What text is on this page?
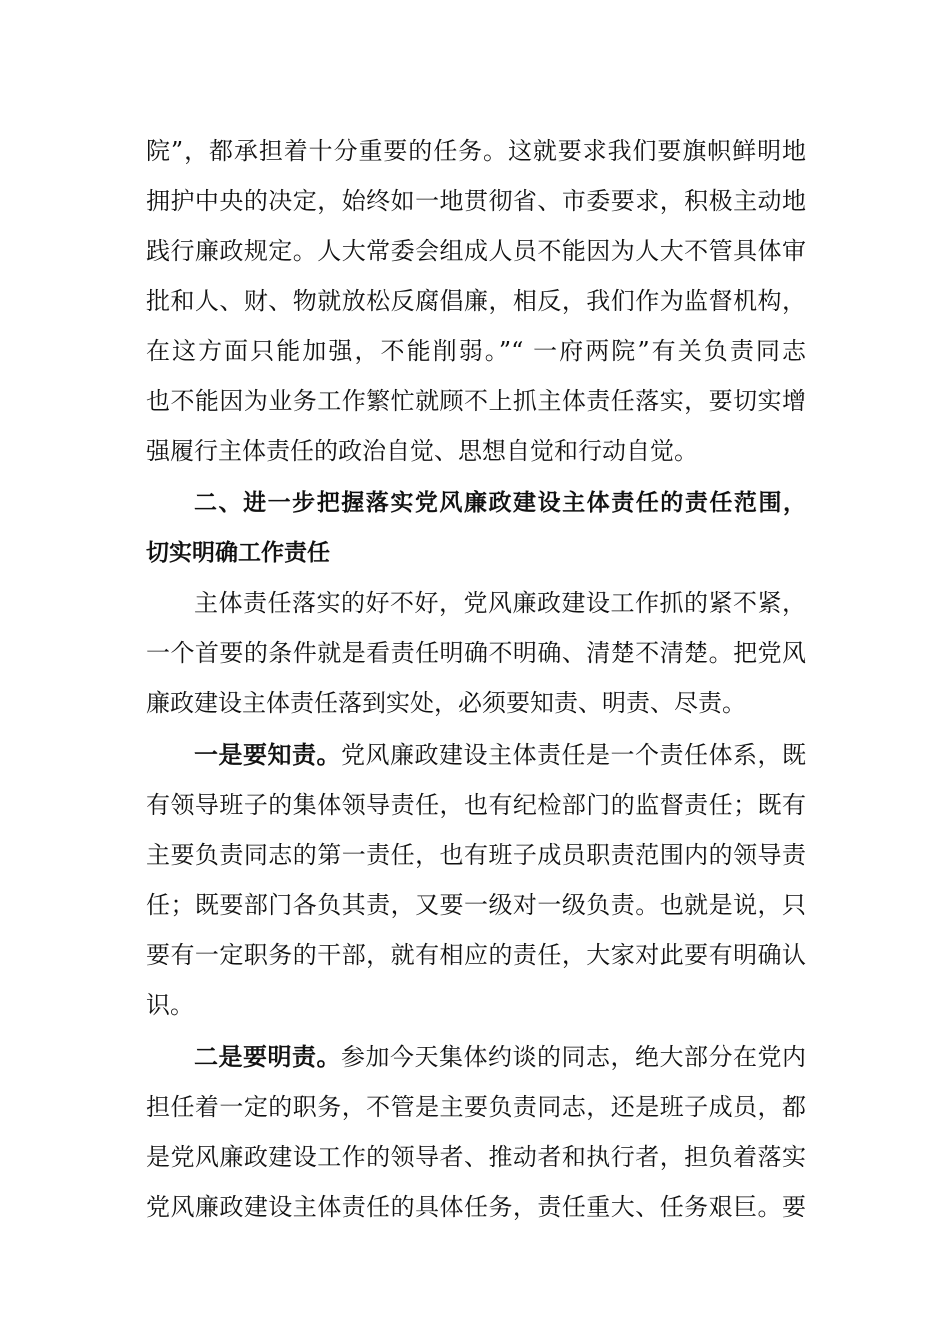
院”，都承担着十分重要的任务。这就要求我们要旗帜鲜明地
拥护中央的决定，始终如一地贯彻省、市委要求，积极主动地
践行廉政规定。人大常委会组成人员不能因为人大不管具体审
批和人、财、物就放松反腐倡廉，相反，我们作为监督机构，
在这方面只能加强，不能削弱。”“ 一府两院”有关负责同志
也不能因为业务工作繁忙就顾不上抓主体责任落实，要切实增
强履行主体责任的政治自觉、思想自觉和行动自觉。
二、进一步把握落实党风廉政建设主体责任的责任范围，
切实明确工作责任
主体责任落实的好不好，党风廉政建设工作抓的紧不紧，
一个首要的条件就是看责任明确不明确、清楚不清楚。把党风
廉政建设主体责任落到实处，必须要知责、明责、尽责。
一是要知责。党风廉政建设主体责任是一个责任体系，既
有领导班子的集体领导责任，也有纪检部门的监督责任；既有
主要负责同志的第一责任，也有班子成员职责范围内的领导责
任；既要部门各负其责，又要一级对一级负责。也就是说，只
要有一定职务的干部，就有相应的责任，大家对此要有明确认
识。
二是要明责。参加今天集体约谈的同志，绝大部分在党内
担任着一定的职务，不管是主要负责同志，还是班子成员，都
是党风廉政建设工作的领导者、推动者和执行者，担负着落实
党风廉政建设主体责任的具体任务，责任重大、任务艰巨。要
